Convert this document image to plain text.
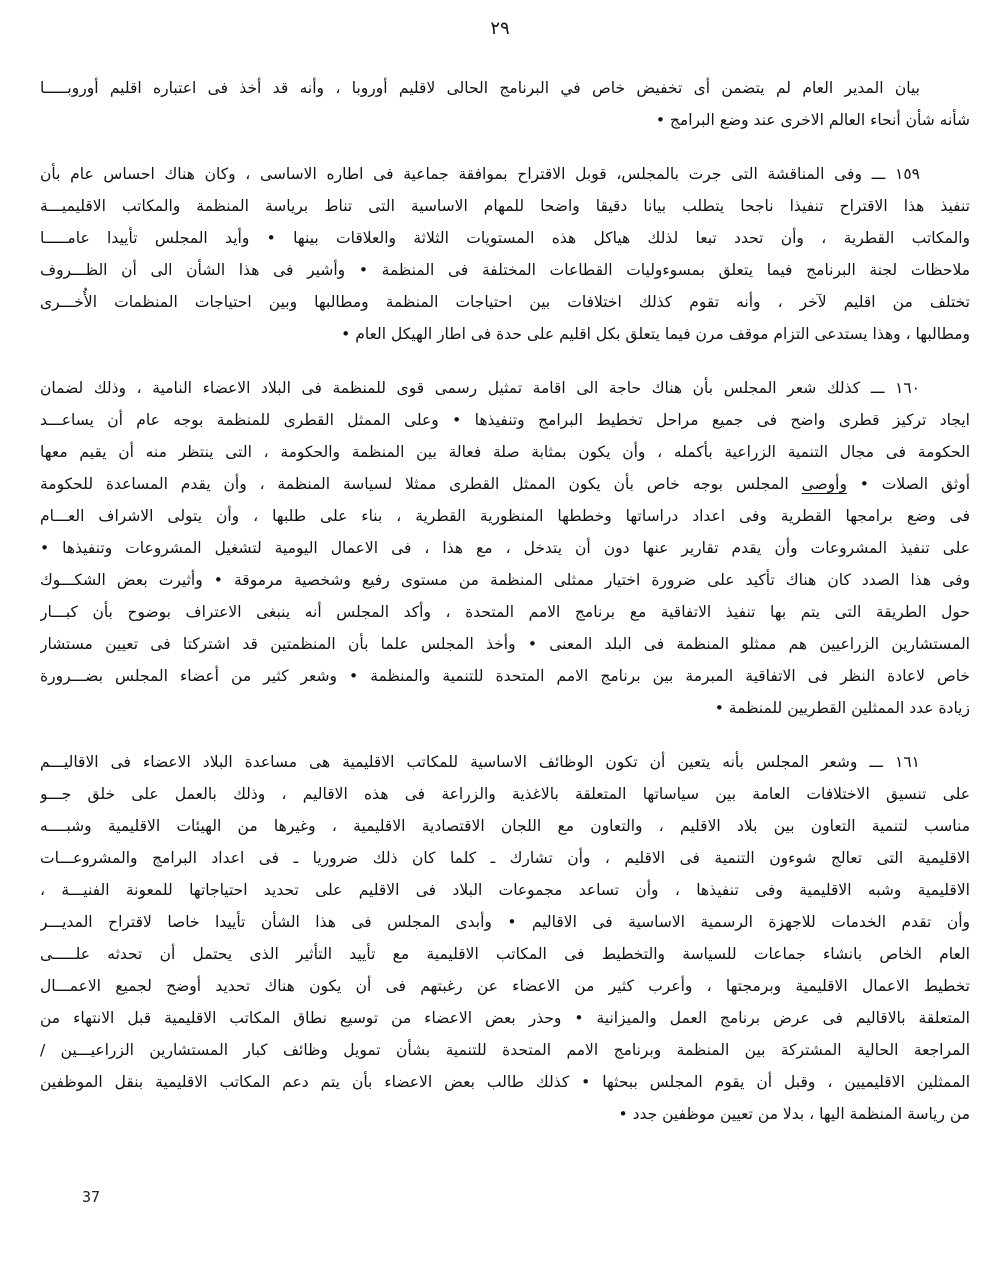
٢٩
بيان المدير العام لم يتضمن أى تخفيض خاص في البرنامج الحالى لاقليم أوروبا ، وأنه قد أخذ فى اعتباره اقليم أوروبـــــا
شأنه شأن أنحاء العالم الاخرى عند وضع البرامج •
١٥٩ ـــ وفى المناقشة التى جرت بالمجلس، قوبل الاقتراح بموافقة جماعية فى اطاره الاساسى ، وكان هناك احساس عام بأن
تنفيذ هذا الاقتراح تنفيذا ناجحا يتطلب بيانا دقيقا واضحا للمهام الاساسية التى تناط برياسة المنظمة والمكاتب الاقليميـــة
والمكاتب القطرية ، وأن تحدد تبعا لذلك هياكل هذه المستويات الثلاثة والعلاقات بينها • وأيد المجلس تأييدا عامـــــا
ملاحظات لجنة البرنامج فيما يتعلق بمسوءوليات القطاعات المختلفة فى المنظمة • وأشير فى هذا الشأن الى أن الظـــروف
تختلف من اقليم لآخر ، وأنه تقوم كذلك اختلافات بين احتياجات المنظمة ومطالبها وبين احتياجات المنظمات الأُخـــرى
ومطالبها ، وهذا يستدعى التزام موقف مرن فيما يتعلق بكل اقليم على حدة فى اطار الهيكل العام •
١٦٠ ـــ كذلك شعر المجلس بأن هناك حاجة الى اقامة تمثيل رسمى قوى للمنظمة فى البلاد الاعضاء النامية ، وذلك لضمان
ايجاد تركيز قطرى واضح فى جميع مراحل تخطيط البرامج وتنفيذها • وعلى الممثل القطرى للمنظمة بوجه عام أن يساعـــد
الحكومة فى مجال التنمية الزراعية بأكمله ، وأن يكون بمثابة صلة فعالة بين المنظمة والحكومة ، التى ينتظر منه أن يقيم معها
أوثق الصلات • وأوصى المجلس بوجه خاص بأن يكون الممثل القطرى ممثلا لسياسة المنظمة ، وأن يقدم المساعدة للحكومة
فى وضع برامجها القطرية وفى اعداد دراساتها وخططها المنظورية القطرية ، بناء على طلبها ، وأن يتولى الاشراف العـــام
على تنفيذ المشروعات وأن يقدم تقارير عنها دون أن يتدخل ، مع هذا ، فى الاعمال اليومية لتشغيل المشروعات وتنفيذها •
وفى هذا الصدد كان هناك تأكيد على ضرورة اختيار ممثلى المنظمة من مستوى رفيع وشخصية مرموقة • وأثيرت بعض الشكـــوك
حول الطريقة التى يتم بها تنفيذ الاتفاقية مع برنامج الامم المتحدة ، وأكد المجلس أنه ينبغى الاعتراف بوضوح بأن كبـــار
المستشارين الزراعيين هم ممثلو المنظمة فى البلد المعنى • وأخذ المجلس علما بأن المنظمتين قد اشتركتا فى تعيين مستشار
خاص لاعادة النظر فى الاتفاقية المبرمة بين برنامج الامم المتحدة للتنمية والمنظمة • وشعر كثير من أعضاء المجلس بضـــرورة
زيادة عدد الممثلين القطريين للمنظمة •
١٦١ ـــ وشعر المجلس بأنه يتعين أن تكون الوظائف الاساسية للمكاتب الاقليمية هى مساعدة البلاد الاعضاء فى الاقاليـــم
على تنسيق الاختلافات العامة بين سياساتها المتعلقة بالاغذية والزراعة فى هذه الاقاليم ، وذلك بالعمل على خلق جـــو
مناسب لتنمية التعاون بين بلاد الاقليم ، والتعاون مع اللجان الاقتصادية الاقليمية ، وغيرها من الهيئات الاقليمية وشبــــه
الاقليمية التى تعالج شوءون التنمية فى الاقليم ، وأن تشارك ـ كلما كان ذلك ضروريا ـ فى اعداد البرامج والمشروعـــات
الاقليمية وشبه الاقليمية وفى تنفيذها ، وأن تساعد مجموعات البلاد فى الاقليم على تحديد احتياجاتها للمعونة الفنيـــة ،
وأن تقدم الخدمات للاجهزة الرسمية الاساسية فى الاقاليم • وأبدى المجلس فى هذا الشأن تأييدا خاصا لاقتراح المديـــر
العام الخاص بانشاء جماعات للسياسة والتخطيط فى المكاتب الاقليمية مع تأييد التأثير الذى يحتمل أن تحدثه علـــــى
تخطيط الاعمال الاقليمية وبرمجتها ، وأعرب كثير من الاعضاء عن رغبتهم فى أن يكون هناك تحديد أوضح لجميع الاعمـــال
المتعلقة بالاقاليم فى عرض برنامج العمل والميزانية • وحذر بعض الاعضاء من توسيع نطاق المكاتب الاقليمية قبل الانتهاء من
المراجعة الحالية المشتركة بين المنظمة وبرنامج الامم المتحدة للتنمية بشأن تمويل وظائف كبار المستشارين الزراعيـــين /
الممثلين الاقليميين ، وقبل أن يقوم المجلس ببحثها • كذلك طالب بعض الاعضاء بأن يتم دعم المكاتب الاقليمية بنقل الموظفين
من رياسة المنظمة اليها ، بدلا من تعيين موظفين جدد •
37
